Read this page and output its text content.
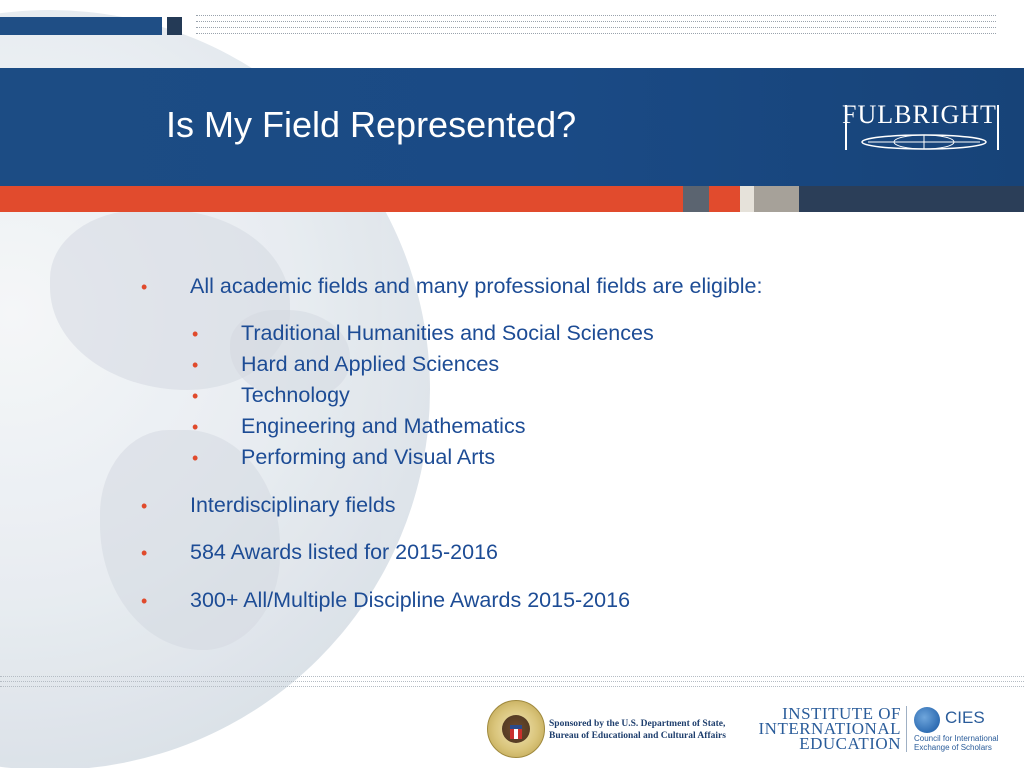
Is My Field Represented?	FULBRIGHT
• All academic fields and many professional fields are eligible:
• Traditional Humanities and Social Sciences
• Hard and Applied Sciences
• Technology
• Engineering and Mathematics
• Performing and Visual Arts
• Interdisciplinary fields
• 584 Awards listed for 2015-2016
• 300+ All/Multiple Discipline Awards 2015-2016
Sponsored by the U.S. Department of State,
Bureau of Educational and Cultural Affairs
INSTITUTE OF
INTERNATIONAL
EDUCATION
CIES
Council for International
Exchange of Scholars
